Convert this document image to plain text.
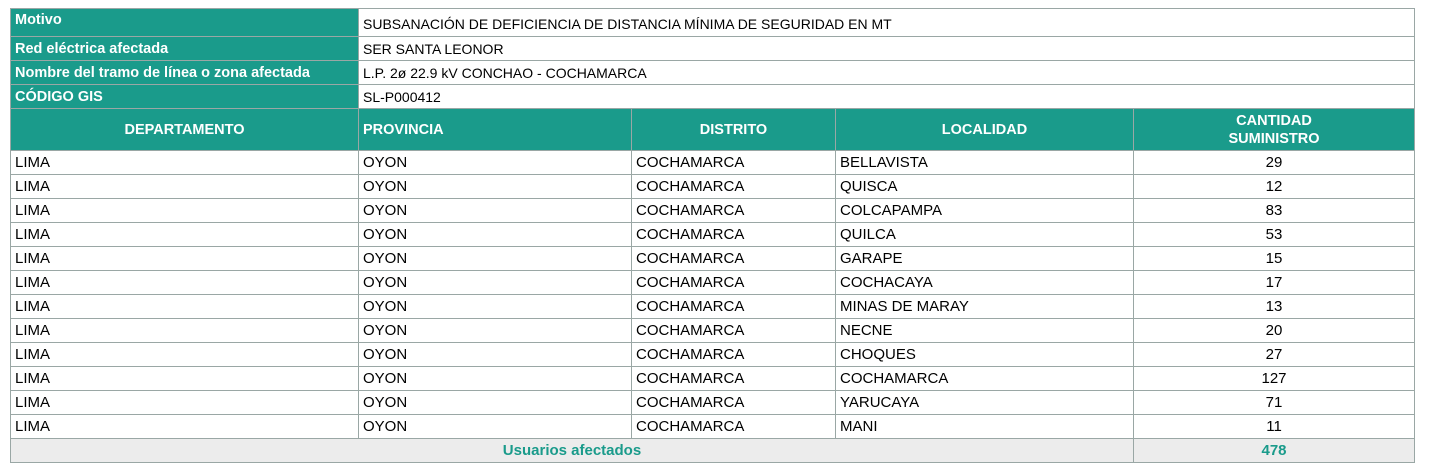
Motivo	SUBSANACIÓN DE DEFICIENCIA DE DISTANCIA MÍNIMA DE SEGURIDAD EN MT			
Red eléctrica afectada	SER SANTA LEONOR			
Nombre del tramo de línea o zona afectada	L.P. 2ø 22.9 kV CONCHAO - COCHAMARCA			
CÓDIGO GIS	SL-P000412			
DEPARTAMENTO	PROVINCIA	DISTRITO	LOCALIDAD	CANTIDAD
SUMINISTRO
LIMA	OYON	COCHAMARCA	BELLAVISTA	29
LIMA	OYON	COCHAMARCA	QUISCA	12
LIMA	OYON	COCHAMARCA	COLCAPAMPA	83
LIMA	OYON	COCHAMARCA	QUILCA	53
LIMA	OYON	COCHAMARCA	GARAPE	15
LIMA	OYON	COCHAMARCA	COCHACAYA	17
LIMA	OYON	COCHAMARCA	MINAS DE MARAY	13
LIMA	OYON	COCHAMARCA	NECNE	20
LIMA	OYON	COCHAMARCA	CHOQUES	27
LIMA	OYON	COCHAMARCA	COCHAMARCA	127
LIMA	OYON	COCHAMARCA	YARUCAYA	71
LIMA	OYON	COCHAMARCA	MANI	11
Usuarios afectados				478
